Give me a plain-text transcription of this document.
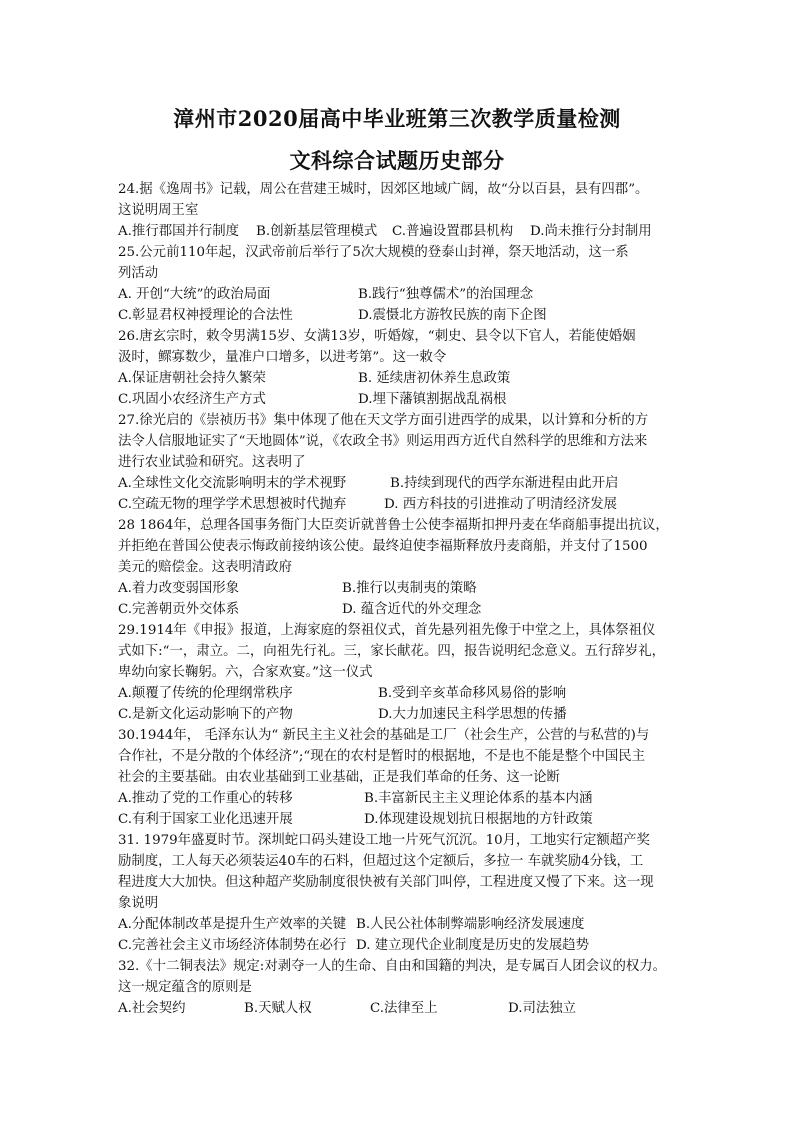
漳州市2020届高中毕业班第三次教学质量检测
文科综合试题历史部分
24.据《逸周书》记载，周公在营建王城时，因郊区地域广阔，故“分以百县，县有四郡”。
这说明周王室
A.推行郡国并行制度	B.创新基层管理模式	C.普遍设置郡县机构	D.尚未推行分封制用
25.公元前110年起，汉武帝前后举行了5次大规模的登泰山封禅，祭天地活动，这一系
列活动
A. 开创“大统”的政治局面	B.践行“独尊儒术”的治国理念
C.彰显君权神授理论的合法性	D.震慑北方游牧民族的南下企图
26.唐玄宗时，敕令男满15岁、女满13岁，听婚嫁，“刺史、县令以下官人，若能使婚姻
汲时，鳏寡数少，量准户口增多，以进考第”。这一敕令
A.保证唐朝社会持久繁荣	B. 延续唐初休养生息政策
C.巩固小农经济生产方式	D.埋下藩镇割据战乱祸根
27.徐光启的《崇祯历书》集中体现了他在天文学方面引进西学的成果，以计算和分析的方
法令人信服地证实了“天地圆体”说，《农政全书》则运用西方近代自然科学的思维和方法来
进行农业试验和研究。这表明了
A.全球性文化交流影响明末的学术视野	B.持续到现代的西学东渐进程由此开启
C.空疏无物的理学学术思想被时代抛弃	D. 西方科技的引进推动了明清经济发展
28 1864年，总理各国事务衙门大臣奕䜣就普鲁士公使李福斯扣押丹麦在华商船事提出抗议，
并拒绝在普国公使表示悔政前接纳该公使。最终迫使李福斯释放丹麦商船，并支付了1500
美元的赔偿金。这表明清政府
A.着力改变弱国形象	B.推行以夷制夷的策略
C.完善朝贡外交体系	D. 蕴含近代的外交理念
29.1914年《申报》报道，上海家庭的祭祖仪式，首先悬列祖先像于中堂之上，具体祭祖仪
式如下:“一，肃立。二，向祖先行礼。三，家长献花。四，报告说明纪念意义。五行辞岁礼，
卑幼向家长鞠躬。六，合家欢宴。”这一仪式
A.颠覆了传统的伦理纲常秩序	B.受到辛亥革命移风易俗的影响
C.是新文化运动影响下的产物	D.大力加速民主科学思想的传播
30.1944年， 毛泽东认为“ 新民主主义社会的基础是工厂（社会生产，公营的与私营的)与
合作社，不是分散的个体经济”;“现在的农村是暂时的根据地，不是也不能是整个中国民主
社会的主要基础。由农业基础到工业基础，正是我们革命的任务、这一论断
A.推动了党的工作重心的转移	B.丰富新民主主义理论体系的基本内涵
C.有利于国家工业化迅速开展	D.体现建设规划抗日根据地的方针政策
31. 1979年盛夏时节。深圳蛇口码头建设工地一片死气沉沉。10月，工地实行定额超产奖
励制度，工人每天必须装运40车的石料，但超过这个定额后，多拉一 车就奖励4分钱，工
程进度大大加快。但这种超产奖励制度很快被有关部门叫停，工程进度又慢了下来。这一现
象说明
A.分配体制改革是提升生产效率的关键 B.人民公社体制弊端影响经济发展速度
C.完善社会主义市场经济体制势在必行 D. 建立现代企业制度是历史的发展趋势
32.《十二铜表法》规定:对剥夺一人的生命、自由和国籍的判决，是专属百人团会议的权力。
这一规定蕴含的原则是
A.社会契约	B.天赋人权	C.法律至上	D.司法独立
